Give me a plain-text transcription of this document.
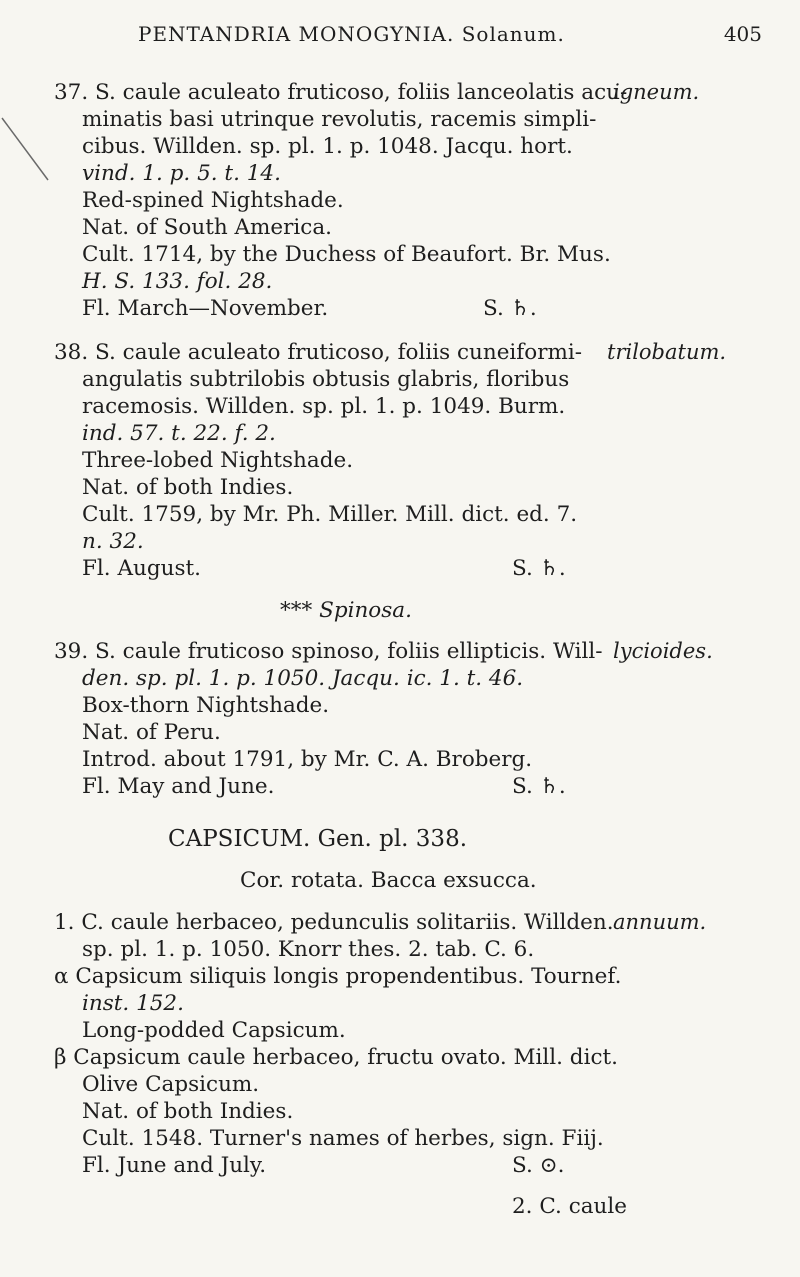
PENTANDRIA MONOGYNIA. Solanum.	405
37. S. caule aculeato fruticoso, foliis lanceolatis acu-
minatis basi utrinque revolutis, racemis simpli-
cibus. Willden. sp. pl. 1. p. 1048. Jacqu. hort.
vind. 1. p. 5. t. 14.
Red-spined Nightshade.
Nat. of South America.
Cult. 1714, by the Duchess of Beaufort. Br. Mus.
H. S. 133. fol. 28.
Fl. March—November.	S. ♄.
igneum.
38. S. caule aculeato fruticoso, foliis cuneiformi-
angulatis subtrilobis obtusis glabris, floribus
racemosis. Willden. sp. pl. 1. p. 1049. Burm.
ind. 57. t. 22. f. 2.
Three-lobed Nightshade.
Nat. of both Indies.
Cult. 1759, by Mr. Ph. Miller. Mill. dict. ed. 7.
n. 32.
Fl. August.	S. ♄.
trilobatum.
*** Spinosa.
39. S. caule fruticoso spinoso, foliis ellipticis. Will-
den. sp. pl. 1. p. 1050. Jacqu. ic. 1. t. 46.
Box-thorn Nightshade.
Nat. of Peru.
Introd. about 1791, by Mr. C. A. Broberg.
Fl. May and June.	S. ♄.
lycioides.
CAPSICUM. Gen. pl. 338.
Cor. rotata. Bacca exsucca.
1. C. caule herbaceo, pedunculis solitariis. Willden.
sp. pl. 1. p. 1050. Knorr thes. 2. tab. C. 6.
α Capsicum siliquis longis propendentibus. Tournef.
inst. 152.
Long-podded Capsicum.
β Capsicum caule herbaceo, fructu ovato. Mill. dict.
Olive Capsicum.
Nat. of both Indies.
Cult. 1548. Turner's names of herbes, sign. Fiij.
Fl. June and July.	S. ⊙.
annuum.
2. C. caule
